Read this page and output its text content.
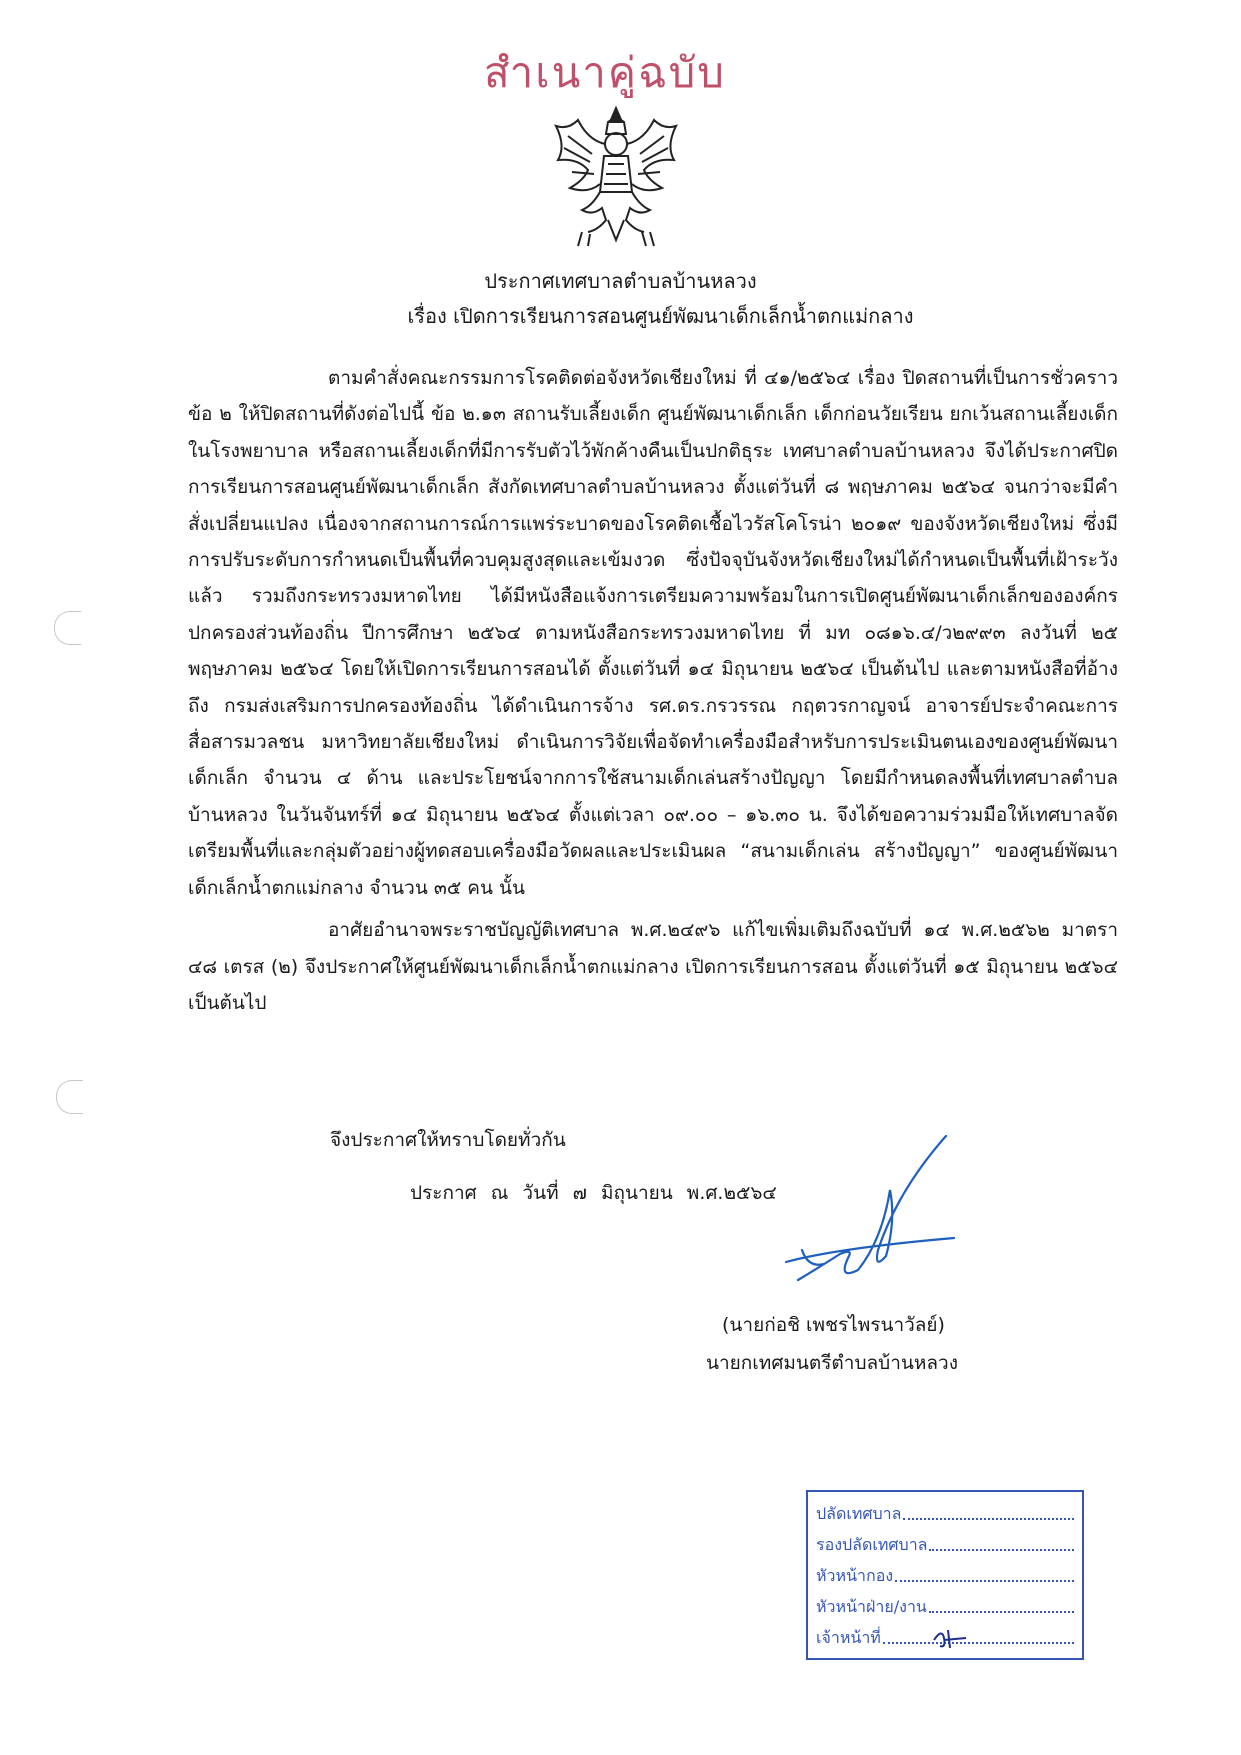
สำเนาคู่ฉบับ
ประกาศเทศบาลตำบลบ้านหลวง
เรื่อง เปิดการเรียนการสอนศูนย์พัฒนาเด็กเล็กน้ำตกแม่กลาง

ตามคำสั่งคณะกรรมการโรคติดต่อจังหวัดเชียงใหม่ ที่ ๔๑/๒๕๖๔ เรื่อง ปิดสถานที่เป็นการชั่วคราว ข้อ ๒ ให้ปิดสถานที่ดังต่อไปนี้ ข้อ ๒.๑๓ สถานรับเลี้ยงเด็ก ศูนย์พัฒนาเด็กเล็ก เด็กก่อนวัยเรียน ยกเว้นสถานเลี้ยงเด็ก ในโรงพยาบาล หรือสถานเลี้ยงเด็กที่มีการรับตัวไว้พักค้างคืนเป็นปกติธุระ เทศบาลตำบลบ้านหลวง จึงได้ประกาศปิดการเรียนการสอนศูนย์พัฒนาเด็กเล็ก สังกัดเทศบาลตำบลบ้านหลวง ตั้งแต่วันที่ ๘ พฤษภาคม ๒๕๖๔ จนกว่าจะมีคำสั่งเปลี่ยนแปลง เนื่องจากสถานการณ์การแพร่ระบาดของโรคติดเชื้อไวรัสโคโรน่า ๒๐๑๙ ของจังหวัดเชียงใหม่ ซึ่งมีการปรับระดับการกำหนดเป็นพื้นที่ควบคุมสูงสุดและเข้มงวด ซึ่งปัจจุบันจังหวัดเชียงใหม่ได้กำหนดเป็นพื้นที่เฝ้าระวังแล้ว รวมถึงกระทรวงมหาดไทย ได้มีหนังสือแจ้งการเตรียมความพร้อมในการเปิดศูนย์พัฒนาเด็กเล็กขององค์กรปกครองส่วนท้องถิ่น ปีการศึกษา ๒๕๖๔ ตามหนังสือกระทรวงมหาดไทย ที่ มท ๐๘๑๖.๔/ว๒๙๙๓ ลงวันที่ ๒๕ พฤษภาคม ๒๕๖๔ โดยให้เปิดการเรียนการสอนได้ ตั้งแต่วันที่ ๑๔ มิถุนายน ๒๕๖๔ เป็นต้นไป และตามหนังสือที่อ้างถึง กรมส่งเสริมการปกครองท้องถิ่น ได้ดำเนินการจ้าง รศ.ดร.กรวรรณ กฤตวรกาญจน์ อาจารย์ประจำคณะการสื่อสารมวลชน มหาวิทยาลัยเชียงใหม่ ดำเนินการวิจัยเพื่อจัดทำเครื่องมือสำหรับการประเมินตนเองของศูนย์พัฒนาเด็กเล็ก จำนวน ๔ ด้าน และประโยชน์จากการใช้สนามเด็กเล่นสร้างปัญญา โดยมีกำหนดลงพื้นที่เทศบาลตำบลบ้านหลวง ในวันจันทร์ที่ ๑๔ มิถุนายน ๒๕๖๔ ตั้งแต่เวลา ๐๙.๐๐ – ๑๖.๓๐ น. จึงได้ขอความร่วมมือให้เทศบาลจัดเตรียมพื้นที่และกลุ่มตัวอย่างผู้ทดสอบเครื่องมือวัดผลและประเมินผล “สนามเด็กเล่น สร้างปัญญา” ของศูนย์พัฒนาเด็กเล็กน้ำตกแม่กลาง จำนวน ๓๕ คน นั้น

อาศัยอำนาจพระราชบัญญัติเทศบาล พ.ศ.๒๔๙๖ แก้ไขเพิ่มเติมถึงฉบับที่ ๑๔ พ.ศ.๒๕๖๒ มาตรา ๔๘ เตรส (๒) จึงประกาศให้ศูนย์พัฒนาเด็กเล็กน้ำตกแม่กลาง เปิดการเรียนการสอน ตั้งแต่วันที่ ๑๕ มิถุนายน ๒๕๖๔ เป็นต้นไป

จึงประกาศให้ทราบโดยทั่วกัน
ประกาศ ณ วันที่ ๗ มิถุนายน พ.ศ.๒๕๖๔
(นายก่อชิ เพชรไพรนาวัลย์)
นายกเทศมนตรีตำบลบ้านหลวง
ปลัดเทศบาล
รองปลัดเทศบาล
หัวหน้ากอง
หัวหน้าฝ่าย/งาน
เจ้าหน้าที่
